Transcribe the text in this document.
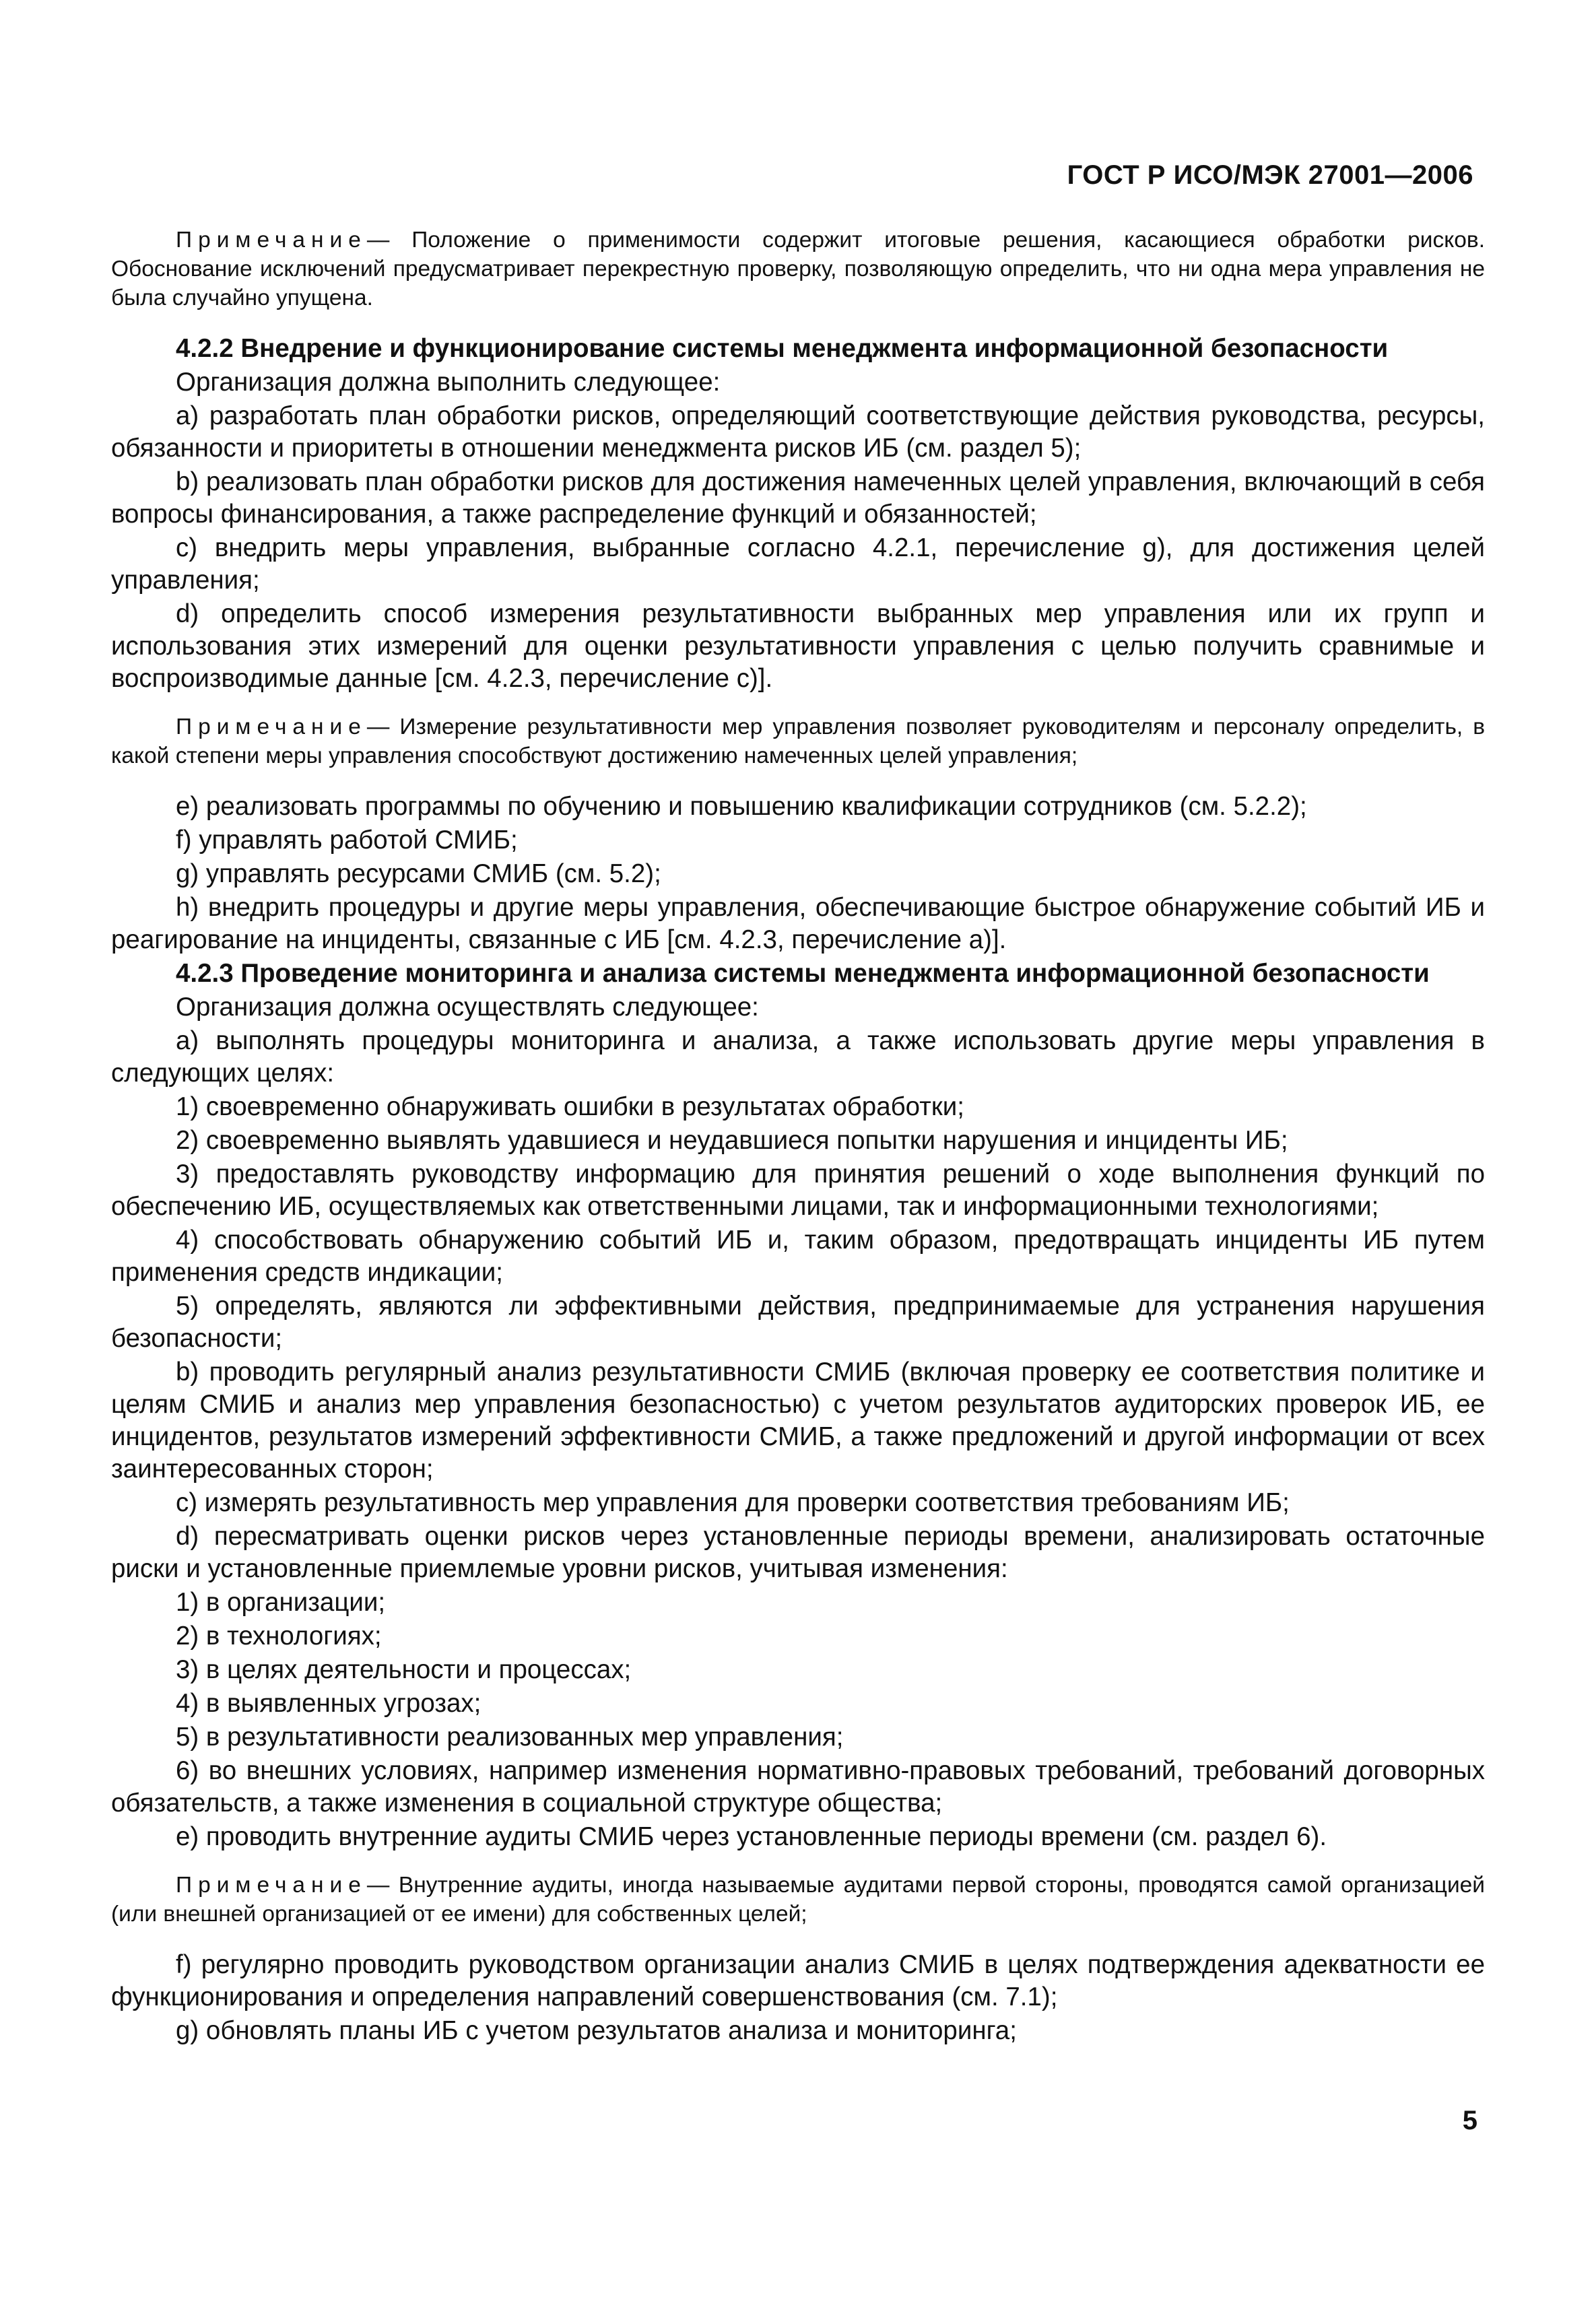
ГОСТ Р ИСО/МЭК 27001—2006
Примечание— Положение о применимости содержит итоговые решения, касающиеся обработки рисков. Обоснование исключений предусматривает перекрестную проверку, позволяющую определить, что ни одна мера управления не была случайно упущена.
4.2.2 Внедрение и функционирование системы менеджмента информационной безопасности
Организация должна выполнить следующее:
a) разработать план обработки рисков, определяющий соответствующие действия руководства, ресурсы, обязанности и приоритеты в отношении менеджмента рисков ИБ (см. раздел 5);
b) реализовать план обработки рисков для достижения намеченных целей управления, включающий в себя вопросы финансирования, а также распределение функций и обязанностей;
c) внедрить меры управления, выбранные согласно 4.2.1, перечисление g), для достижения целей управления;
d) определить способ измерения результативности выбранных мер управления или их групп и использования этих измерений для оценки результативности управления с целью получить сравнимые и воспроизводимые данные [см. 4.2.3, перечисление c)].
Примечание— Измерение результативности мер управления позволяет руководителям и персоналу определить, в какой степени меры управления способствуют достижению намеченных целей управления;
e) реализовать программы по обучению и повышению квалификации сотрудников (см. 5.2.2);
f) управлять работой СМИБ;
g) управлять ресурсами СМИБ (см. 5.2);
h) внедрить процедуры и другие меры управления, обеспечивающие быстрое обнаружение событий ИБ и реагирование на инциденты, связанные с ИБ [см. 4.2.3, перечисление a)].
4.2.3 Проведение мониторинга и анализа системы менеджмента информационной безопасности
Организация должна осуществлять следующее:
a) выполнять процедуры мониторинга и анализа, а также использовать другие меры управления в следующих целях:
1) своевременно обнаруживать ошибки в результатах обработки;
2) своевременно выявлять удавшиеся и неудавшиеся попытки нарушения и инциденты ИБ;
3) предоставлять руководству информацию для принятия решений о ходе выполнения функций по обеспечению ИБ, осуществляемых как ответственными лицами, так и информационными технологиями;
4) способствовать обнаружению событий ИБ и, таким образом, предотвращать инциденты ИБ путем применения средств индикации;
5) определять, являются ли эффективными действия, предпринимаемые для устранения нарушения безопасности;
b) проводить регулярный анализ результативности СМИБ (включая проверку ее соответствия политике и целям СМИБ и анализ мер управления безопасностью) с учетом результатов аудиторских проверок ИБ, ее инцидентов, результатов измерений эффективности СМИБ, а также предложений и другой информации от всех заинтересованных сторон;
c) измерять результативность мер управления для проверки соответствия требованиям ИБ;
d) пересматривать оценки рисков через установленные периоды времени, анализировать остаточные риски и установленные приемлемые уровни рисков, учитывая изменения:
1) в организации;
2) в технологиях;
3) в целях деятельности и процессах;
4) в выявленных угрозах;
5) в результативности реализованных мер управления;
6) во внешних условиях, например изменения нормативно-правовых требований, требований договорных обязательств, а также изменения в социальной структуре общества;
e) проводить внутренние аудиты СМИБ через установленные периоды времени (см. раздел 6).
Примечание— Внутренние аудиты, иногда называемые аудитами первой стороны, проводятся самой организацией (или внешней организацией от ее имени) для собственных целей;
f) регулярно проводить руководством организации анализ СМИБ в целях подтверждения адекватности ее функционирования и определения направлений совершенствования (см. 7.1);
g) обновлять планы ИБ с учетом результатов анализа и мониторинга;
5
